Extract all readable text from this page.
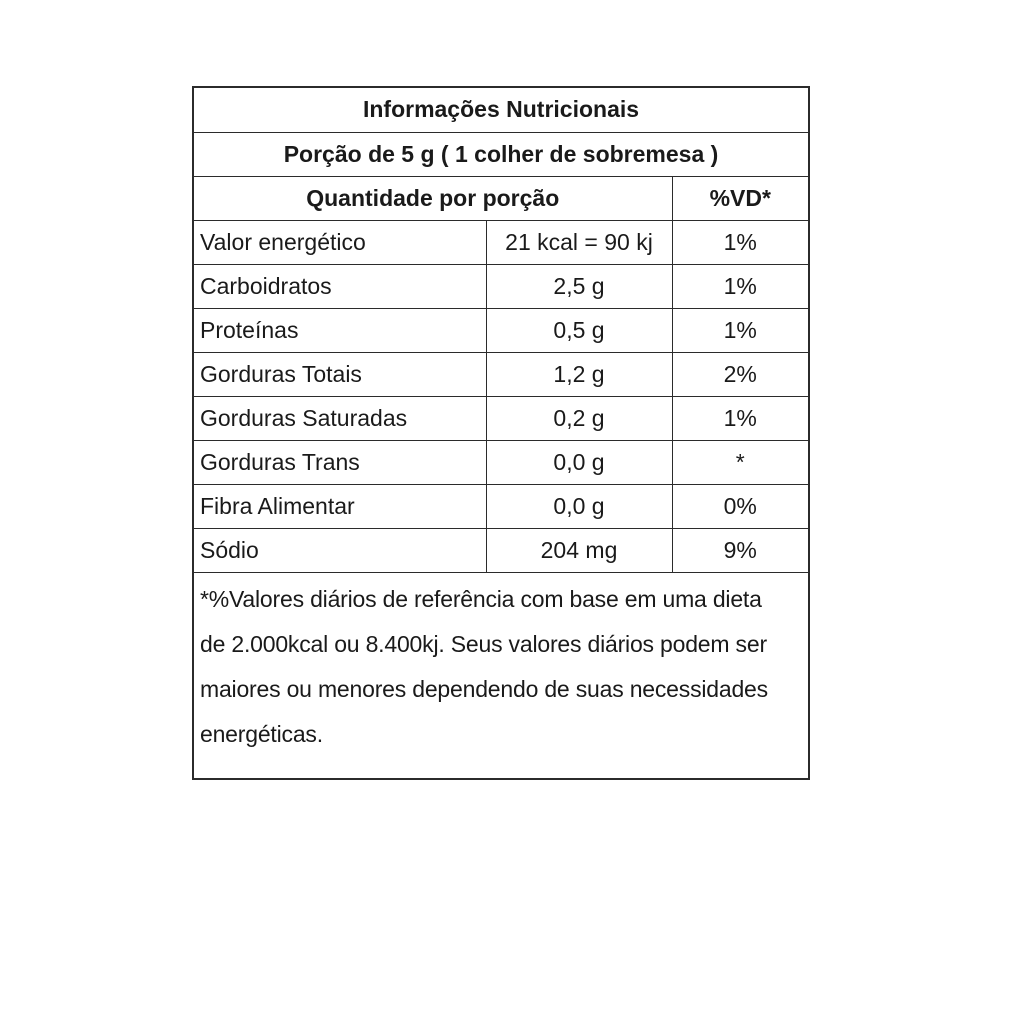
Informações Nutricionais		
Porção de 5 g ( 1 colher de sobremesa )		
Quantidade por porção		%VD*
Valor energético	21 kcal = 90 kj	1%
Carboidratos	2,5 g	1%
Proteínas	0,5 g	1%
Gorduras Totais	1,2 g	2%
Gorduras Saturadas	0,2 g	1%
Gorduras Trans	0,0 g	*
Fibra Alimentar	0,0 g	0%
Sódio	204 mg	9%
*%Valores diários de referência com base em uma dieta
de 2.000kcal ou 8.400kj. Seus valores diários podem ser
maiores ou menores dependendo de suas necessidades
energéticas.
